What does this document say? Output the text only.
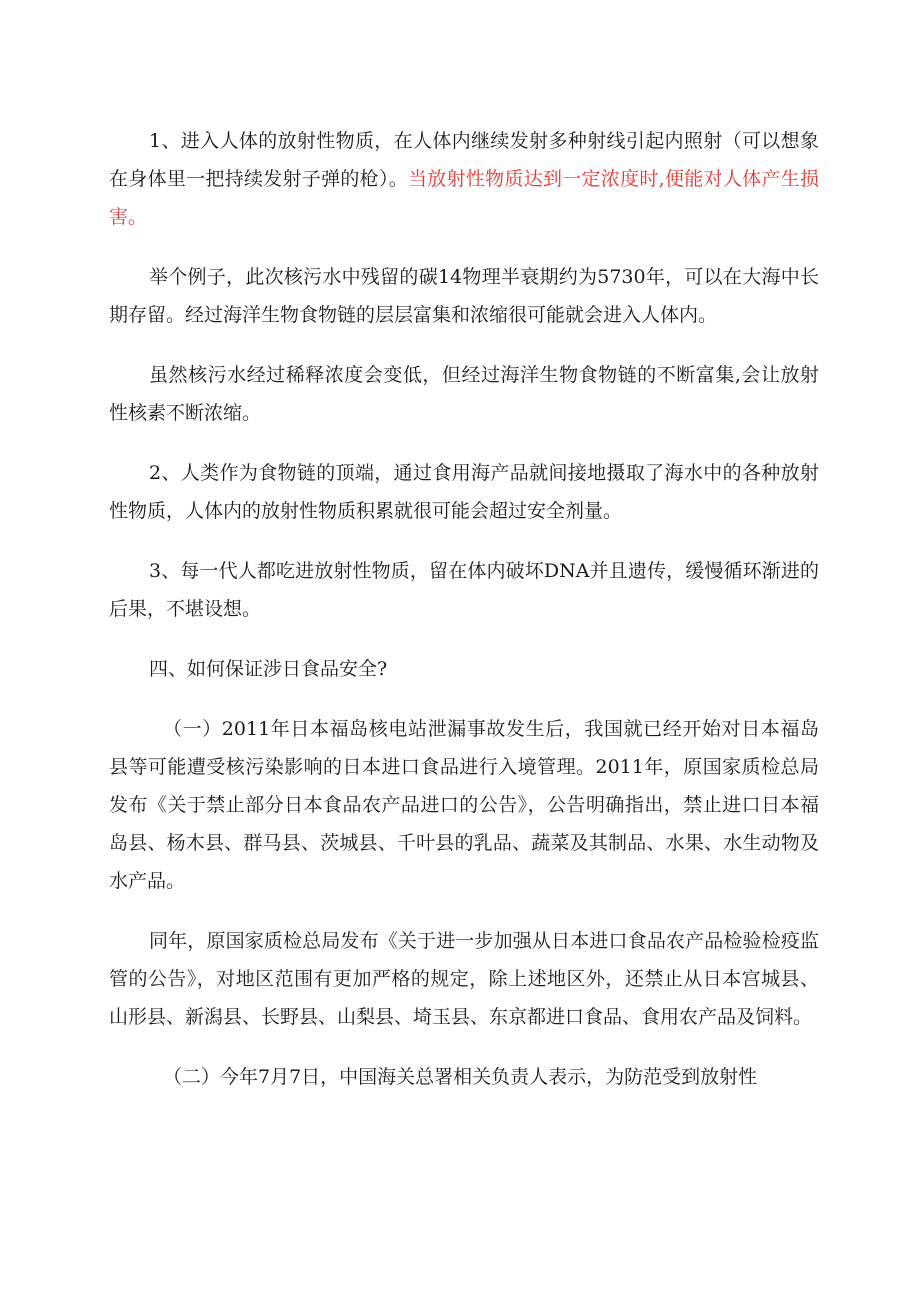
1、进入人体的放射性物质，在人体内继续发射多种射线引起内照射（可以想象在身体里一把持续发射子弹的枪）。当放射性物质达到一定浓度时,便能对人体产生损害。

举个例子，此次核污水中残留的碳14物理半衰期约为5730年，可以在大海中长期存留。经过海洋生物食物链的层层富集和浓缩很可能就会进入人体内。

虽然核污水经过稀释浓度会变低，但经过海洋生物食物链的不断富集,会让放射性核素不断浓缩。

2、人类作为食物链的顶端，通过食用海产品就间接地摄取了海水中的各种放射性物质，人体内的放射性物质积累就很可能会超过安全剂量。

3、每一代人都吃进放射性物质，留在体内破坏DNA并且遗传，缓慢循环渐进的后果，不堪设想。

四、如何保证涉日食品安全?

（一）2011年日本福岛核电站泄漏事故发生后，我国就已经开始对日本福岛县等可能遭受核污染影响的日本进口食品进行入境管理。2011年，原国家质检总局发布《关于禁止部分日本食品农产品进口的公告》，公告明确指出，禁止进口日本福岛县、杨木县、群马县、茨城县、千叶县的乳品、蔬菜及其制品、水果、水生动物及水产品。

同年，原国家质检总局发布《关于进一步加强从日本进口食品农产品检验检疫监管的公告》，对地区范围有更加严格的规定，除上述地区外，还禁止从日本宫城县、山形县、新潟县、长野县、山梨县、埼玉县、东京都进口食品、食用农产品及饲料。

（二）今年7月7日，中国海关总署相关负责人表示，为防范受到放射性
